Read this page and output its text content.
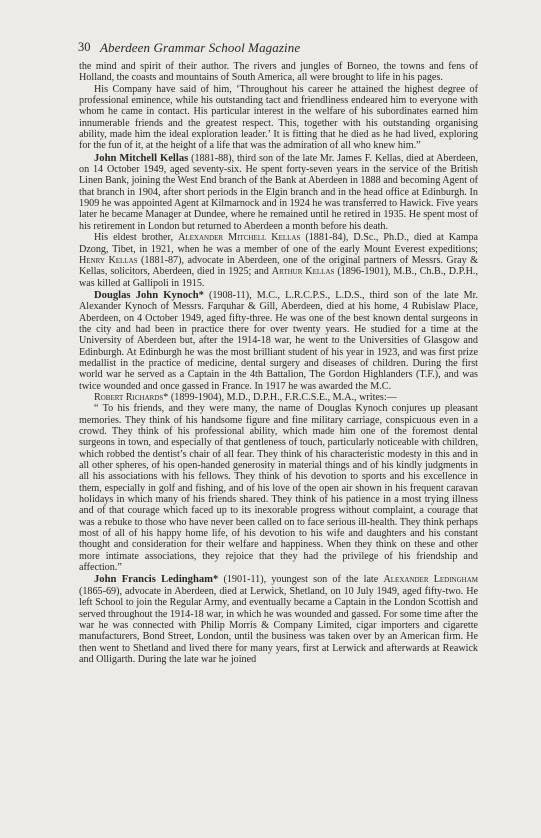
30 Aberdeen Grammar School Magazine

the mind and spirit of their author. The rivers and jungles of Borneo, the towns and fens of Holland, the coasts and mountains of South America, all were brought to life in his pages.

His Company have said of him, ‘Throughout his career he attained the highest degree of professional eminence, while his outstanding tact and friendliness endeared him to everyone with whom he came in contact. His particular interest in the welfare of his subordinates earned him innumerable friends and the greatest respect. This, together with his outstanding organising ability, made him the ideal exploration leader.’ It is fitting that he died as he had lived, exploring for the fun of it, at the height of a life that was the admiration of all who knew him.”

John Mitchell Kellas (1881-88), third son of the late Mr. James F. Kellas, died at Aberdeen, on 14 October 1949, aged seventy-six. He spent forty-seven years in the service of the British Linen Bank, joining the West End branch of the Bank at Aberdeen in 1888 and becoming Agent of that branch in 1904, after short periods in the Elgin branch and in the head office at Edinburgh. In 1909 he was appointed Agent at Kilmarnock and in 1924 he was transferred to Hawick. Five years later he became Manager at Dundee, where he remained until he retired in 1935. He spent most of his retirement in London but returned to Aberdeen a month before his death.

His eldest brother, Alexander Mitchell Kellas (1881-84), D.Sc., Ph.D., died at Kampa Dzong, Tibet, in 1921, when he was a member of one of the early Mount Everest expeditions; Henry Kellas (1881-87), advocate in Aberdeen, one of the original partners of Messrs. Gray & Kellas, solicitors, Aberdeen, died in 1925; and Arthur Kellas (1896-1901), M.B., Ch.B., D.P.H., was killed at Gallipoli in 1915.

Douglas John Kynoch* (1908-11), M.C., L.R.C.P.S., L.D.S., third son of the late Mr. Alexander Kynoch of Messrs. Farquhar & Gill, Aberdeen, died at his home, 4 Rubislaw Place, Aberdeen, on 4 October 1949, aged fifty-three. He was one of the best known dental surgeons in the city and had been in practice there for over twenty years. He studied for a time at the University of Aberdeen but, after the 1914-18 war, he went to the Universities of Glasgow and Edinburgh. At Edinburgh he was the most brilliant student of his year in 1923, and was first prize medallist in the practice of medicine, dental surgery and diseases of children. During the first world war he served as a Captain in the 4th Battalion, The Gordon Highlanders (T.F.), and was twice wounded and once gassed in France. In 1917 he was awarded the M.C.

Robert Richards* (1899-1904), M.D., D.P.H., F.R.C.S.E., M.A., writes:—

“ To his friends, and they were many, the name of Douglas Kynoch conjures up pleasant memories. They think of his handsome figure and fine military carriage, conspicuous even in a crowd. They think of his professional ability, which made him one of the foremost dental surgeons in town, and especially of that gentleness of touch, particularly noticeable with children, which robbed the dentist’s chair of all fear. They think of his characteristic modesty in this and in all other spheres, of his open-handed generosity in material things and of his kindly judgments in all his associations with his fellows. They think of his devotion to sports and his excellence in them, especially in golf and fishing, and of his love of the open air shown in his frequent caravan holidays in which many of his friends shared. They think of his patience in a most trying illness and of that courage which faced up to its inexorable progress without complaint, a courage that was a rebuke to those who have never been called on to face serious ill-health. They think perhaps most of all of his happy home life, of his devotion to his wife and daughters and his constant thought and consideration for their welfare and happiness. When they think on these and other more intimate associations, they rejoice that they had the privilege of his friendship and affection.”

John Francis Ledingham* (1901-11), youngest son of the late Alexander Ledingham (1865-69), advocate in Aberdeen, died at Lerwick, Shetland, on 10 July 1949, aged fifty-two. He left School to join the Regular Army, and eventually became a Captain in the London Scottish and served throughout the 1914-18 war, in which he was wounded and gassed. For some time after the war he was connected with Philip Morris & Company Limited, cigar importers and cigarette manufacturers, Bond Street, London, until the business was taken over by an American firm. He then went to Shetland and lived there for many years, first at Lerwick and afterwards at Reawick and Olligarth. During the late war he joined
